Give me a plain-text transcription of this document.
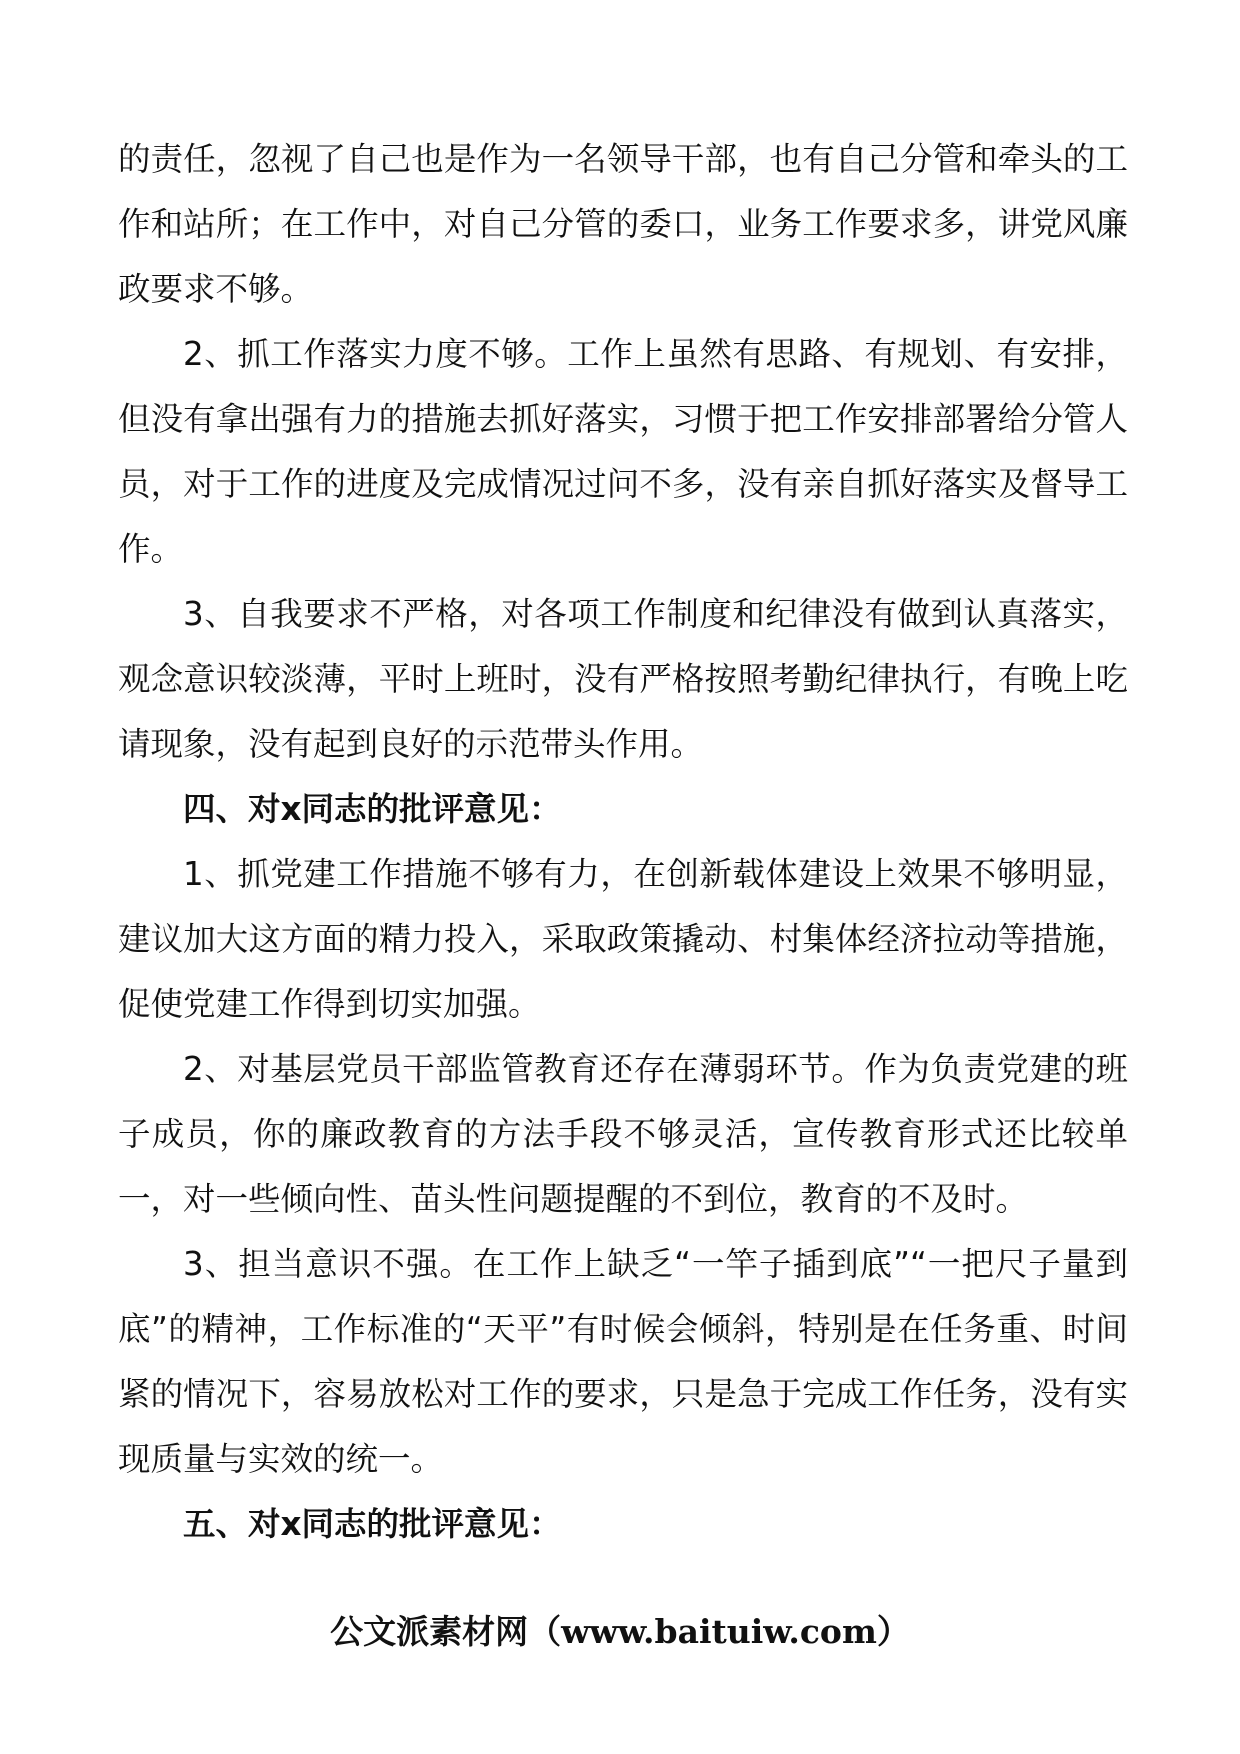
的责任，忽视了自己也是作为一名领导干部，也有自己分管和牵头的工作和站所；在工作中，对自己分管的委口，业务工作要求多，讲党风廉政要求不够。

2、抓工作落实力度不够。工作上虽然有思路、有规划、有安排，但没有拿出强有力的措施去抓好落实，习惯于把工作安排部署给分管人员，对于工作的进度及完成情况过问不多，没有亲自抓好落实及督导工作。

3、自我要求不严格，对各项工作制度和纪律没有做到认真落实，观念意识较淡薄，平时上班时，没有严格按照考勤纪律执行，有晚上吃请现象，没有起到良好的示范带头作用。

四、对x同志的批评意见：

1、抓党建工作措施不够有力，在创新载体建设上效果不够明显，建议加大这方面的精力投入，采取政策撬动、村集体经济拉动等措施，促使党建工作得到切实加强。

2、对基层党员干部监管教育还存在薄弱环节。作为负责党建的班子成员，你的廉政教育的方法手段不够灵活，宣传教育形式还比较单一，对一些倾向性、苗头性问题提醒的不到位，教育的不及时。

3、担当意识不强。在工作上缺乏“一竿子插到底”“一把尺子量到底”的精神，工作标准的“天平”有时候会倾斜，特别是在任务重、时间紧的情况下，容易放松对工作的要求，只是急于完成工作任务，没有实现质量与实效的统一。

五、对x同志的批评意见：

公文派素材网（www.baituiw.com）
